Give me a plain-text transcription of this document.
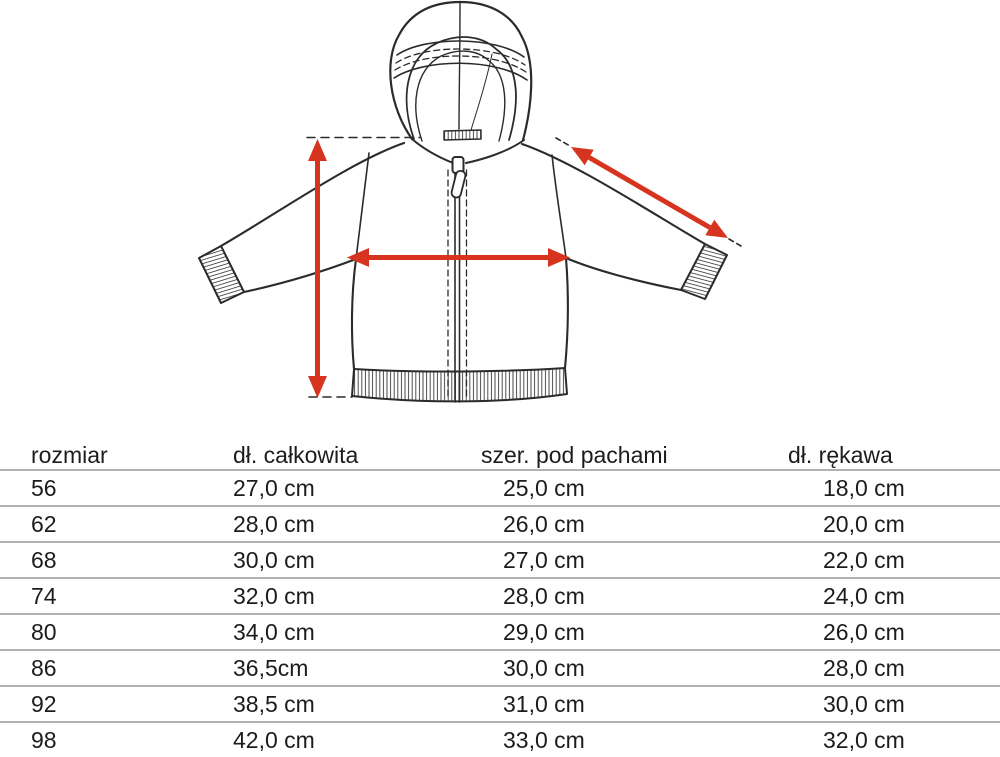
rozmiar	dł. całkowita	szer. pod pachami	dł. rękawa
56	27,0 cm	25,0 cm	18,0 cm
62	28,0 cm	26,0 cm	20,0 cm
68	30,0 cm	27,0 cm	22,0 cm
74	32,0 cm	28,0 cm	24,0 cm
80	34,0 cm	29,0 cm	26,0 cm
86	36,5cm	30,0 cm	28,0 cm
92	38,5 cm	31,0 cm	30,0 cm
98	42,0 cm	33,0 cm	32,0 cm
